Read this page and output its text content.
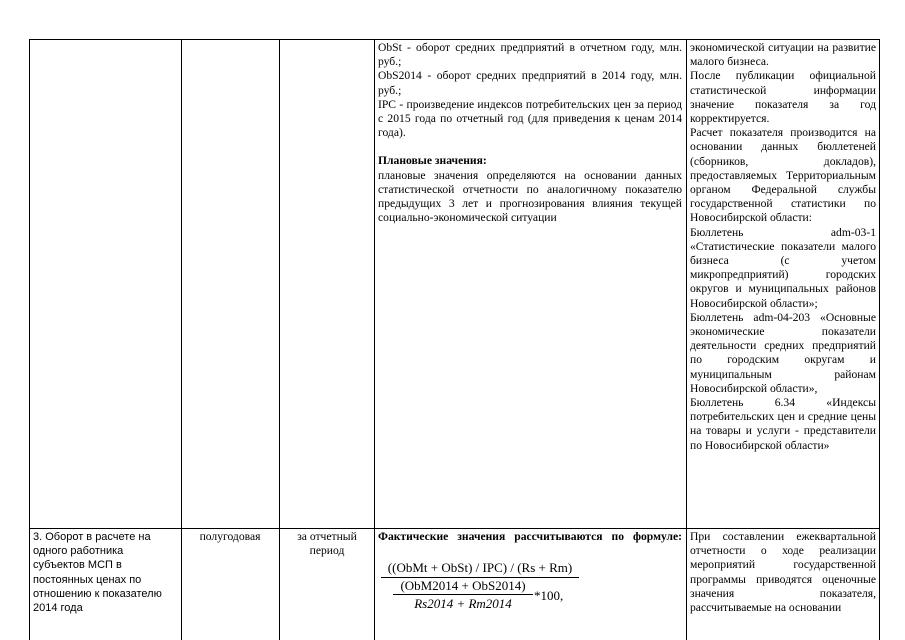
ObSt - оборот средних предприятий в отчетном году, млн. руб.;

ObS2014 - оборот средних предприятий в 2014 году, млн. руб.;

IPC - произведение индексов потребительских цен за период с 2015 года по отчетный год (для приведения к ценам 2014 года).

Плановые значения:

плановые значения определяются на основании данных статистической отчетности по аналогичному показателю предыдущих 3 лет и прогнозирования влияния текущей социально-экономической ситуации

экономической ситуации на развитие малого бизнеса.

После публикации официальной статистической информации значение показателя за год корректируется.

Расчет показателя производится на основании данных бюллетеней (сборников, докладов), предоставляемых Территориальным органом Федеральной службы государственной статистики по Новосибирской области:

Бюллетень adm-03-1 «Статистические показатели малого бизнеса (с учетом микропредприятий) городских округов и муниципальных районов Новосибирской области»;

Бюллетень adm-04-203 «Основные экономические показатели деятельности средних предприятий по городским округам и муниципальным районам Новосибирской области»,

Бюллетень 6.34 «Индексы потребительских цен и средние цены на товары и услуги - представители по Новосибирской области»

3. Оборот в расчете на одного работника субъектов МСП в постоянных ценах по отношению к показателю 2014 года
полугодовая	за отчетный период
Фактические значения рассчитываются по формуле:
((ObMt + ObSt) / IPC) / (Rs + Rm)
(ObM2014 + ObS2014)
Rs2014 + Rm2014
*100,
При составлении ежеквартальной отчетности о ходе реализации мероприятий государственной программы приводятся оценочные значения показателя, рассчитываемые на основании
